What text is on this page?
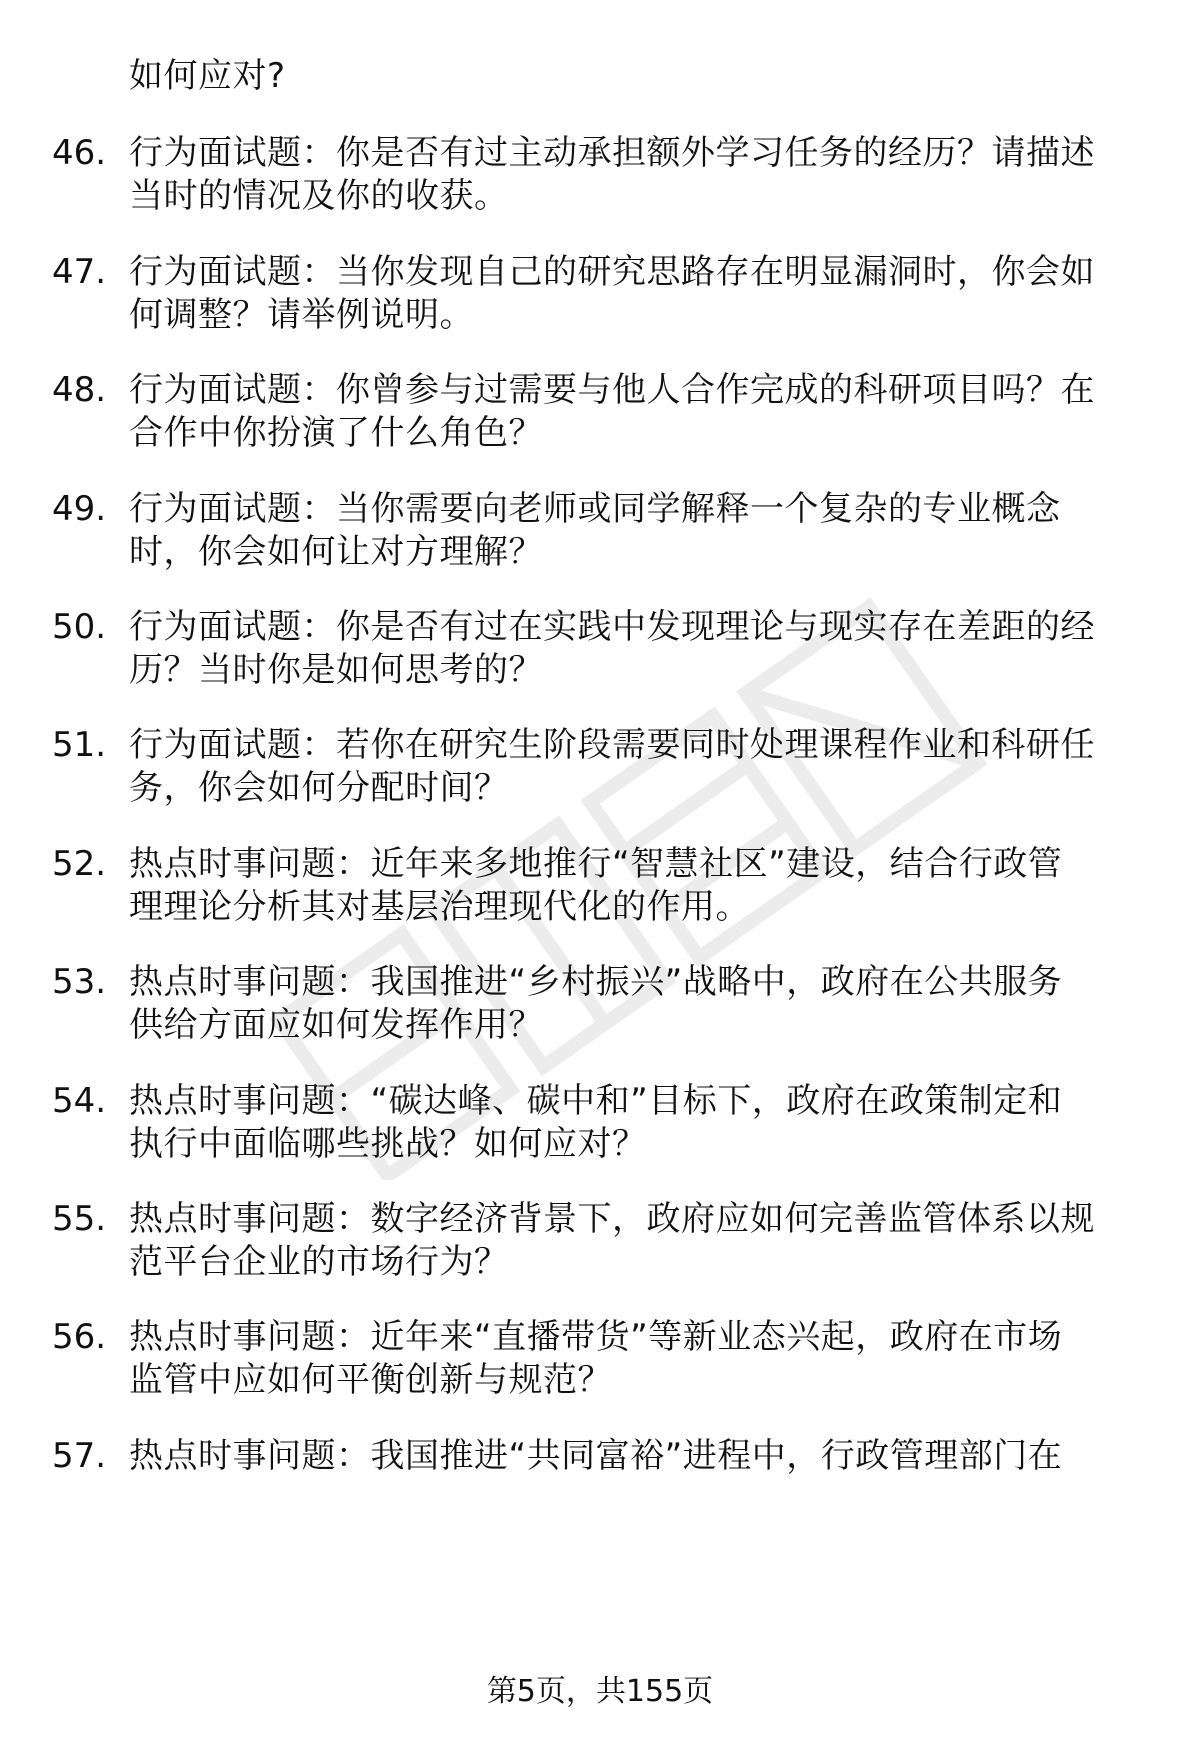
如何应对?
46. 行为面试题：你是否有过主动承担额外学习任务的经历？请描述
当时的情况及你的收获。
47. 行为面试题：当你发现自己的研究思路存在明显漏洞时，你会如
何调整？请举例说明。
48. 行为面试题：你曾参与过需要与他人合作完成的科研项目吗？在
合作中你扮演了什么角色？
49. 行为面试题：当你需要向老师或同学解释一个复杂的专业概念
时，你会如何让对方理解？
50. 行为面试题：你是否有过在实践中发现理论与现实存在差距的经
历？当时你是如何思考的？
51. 行为面试题：若你在研究生阶段需要同时处理课程作业和科研任
务，你会如何分配时间？
52. 热点时事问题：近年来多地推行“智慧社区”建设，结合行政管
理理论分析其对基层治理现代化的作用。
53. 热点时事问题：我国推进“乡村振兴”战略中，政府在公共服务
供给方面应如何发挥作用？
54. 热点时事问题：“碳达峰、碳中和”目标下，政府在政策制定和
执行中面临哪些挑战？如何应对？
55. 热点时事问题：数字经济背景下，政府应如何完善监管体系以规
范平台企业的市场行为？
56. 热点时事问题：近年来“直播带货”等新业态兴起，政府在市场
监管中应如何平衡创新与规范？
57. 热点时事问题：我国推进“共同富裕”进程中，行政管理部门在
第5页，共155页
